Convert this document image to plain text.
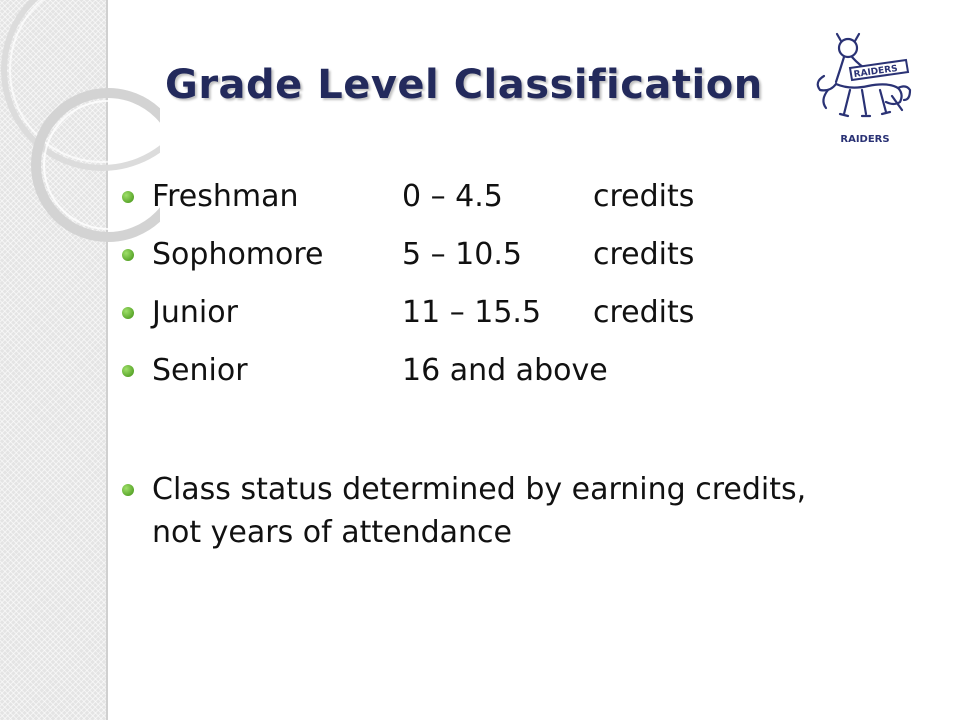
Grade Level Classification	RAIDERS
RAIDERS
Freshman	0 – 4.5	credits
Sophomore	5 – 10.5 credits
Junior	11 – 15.5 credits
Senior	16 and above
Class status determined by earning credits, not years of attendance
